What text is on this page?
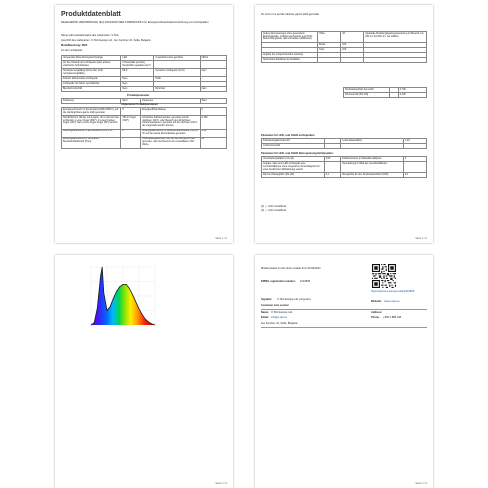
Produktdatenblatt
DELEGIERTE VERORDNUNG (EU) 2019/2015 DER KOMMISSION zur Energieverbrauchskennzeichnung von Lichtquellen
Name oder Handelsmarke des Lieferanten: V-TAC
Anschrift des Lieferanten: V-TAC Europe Ltd., bul. Kerchev 41, Sofia, Bulgaria
Modellkennung: 3604
Art der Lichtquelle:
Verwendete Beleuchtungstechnologie	LED	Ungerichtet oder gerichtet	NDLS
Art des Sockels der Lichtquelle (oder andere elektrische Schnittstelle)	LTS-kontakt (einzeln) Steckstiftzu gestattet sein?		
Netzspannungsfähig (NLS) oder nicht netzspannungsfähig	MLS	Vernetzte Lichtquelle (CLS)	Nein
Farbein abstimmbare Lichtquelle	Nein	Hülle	-
Lichtquelle mit hoher Leuchtdichte	Nein		
Blendschutzschild	Nein	Dimmbar	Nein
Produktparameter
Parameter	Wert	Parameter	Wert
Allgemeine Produktparameter
Energieverbrauch im Ein-Zustand (kWh/1000 h), auf die nächstgrößere ganze Zahl gerundet	5	Energieeffizienzklasse	F
Nutzlichtstrom (Φuse) mit Angabe, ob er sich auf den Lichtstrom in einer Kugel (360°), in einem breiten Kegel (120°) oder einem engen Kegel (90°) bezieht	450 in Kugel (360°)	Ähnlichste Farbtemperatur, gerundet auf die nächsten 100 K, oder Bereich der ähnlichsten Farbtemperaturen, gerundet auf die nächsten 100 K, die eingestellt werden können	6 400
Leistungsaufnahme im Ein-Zustand (Pon) in W	5	Leistungsaufnahme im Bereitschaftszustand (Psb) in W, auf die zweite Dezimalstelle gerundet	0,00
Leistungsaufnahme im vernetzten Bereitschaftsbetrieb (Pnet)	-	Farbwiedergabeindex, auf die nächste ganze Zahl gerundet, oder der Bereich der einstellbaren CRI-Werte	80
Seite 1 / 3
für LCU in lm auf die nächste ganze Zahl gerundet
Außen-Abmessungen ohne gesonderte Betriebsgeräte, Lichtsteuerungsteile und Nicht-Beleuchtungsteile, falls vorhanden (Millimeter)	Höhe	33	Spektrale Strahlungsleistungsverteilung im Bereich von 250 nm bis 800 nm, bei Volllast
	Breite	100	
	Tiefe	100	
Angabe der entsprechenden Leistung			
Sicherheits-Stückliste Symbolfarbe			
Stroboskopeffekt-Kennzahl		0,700
Flimmermaß (Pst LM)		0,400
Parameter für LED- und OLED-Lichtquellen:
Farbwiedergabeindex R9		Lebensdauerfaktor	1,00
Lichtstromerhalt			
Parameter für LED- und OLED-Netzspannungslichtquellen:
Verschiebungsfaktor (cos φ1)	0,50	Farbkonsistenz in MacAdam-Ellipsen	6
Angabe, dass eine LED-Lichtquelle eine Leuchtstofflampe ohne integriertes Vorschaltgerät mit einer bestimmten Wattleistung ersetzt	-	Nennleistung in Watt der Leuchtstofflampe	-
Flimmer-Messgröße (Pst LM)	0,1	Messgröße für den Stroboskopeffekt (SVM)	0,1
(1) „-“ nicht zutreffend;
(2) „-“ nicht zutreffend;
Seite 2 / 3
Seite 3 / 3
Modell placed on the Union market from 01/04/2021
EPREL registration number: 1016835
https://eprel.ec.europa.eu/qr/1016835
Supplier: V-TAC Europe Ltd. (Importer)
Website: www.v-tac.eu
Customer care service
Name: V-TAC Europe Ltd.	Address:
Email: info@v-tac.eu	Phone: +359 2 888 168
bul. Kerchev 41, Sofia, Bulgaria
Seite 3 / 3
